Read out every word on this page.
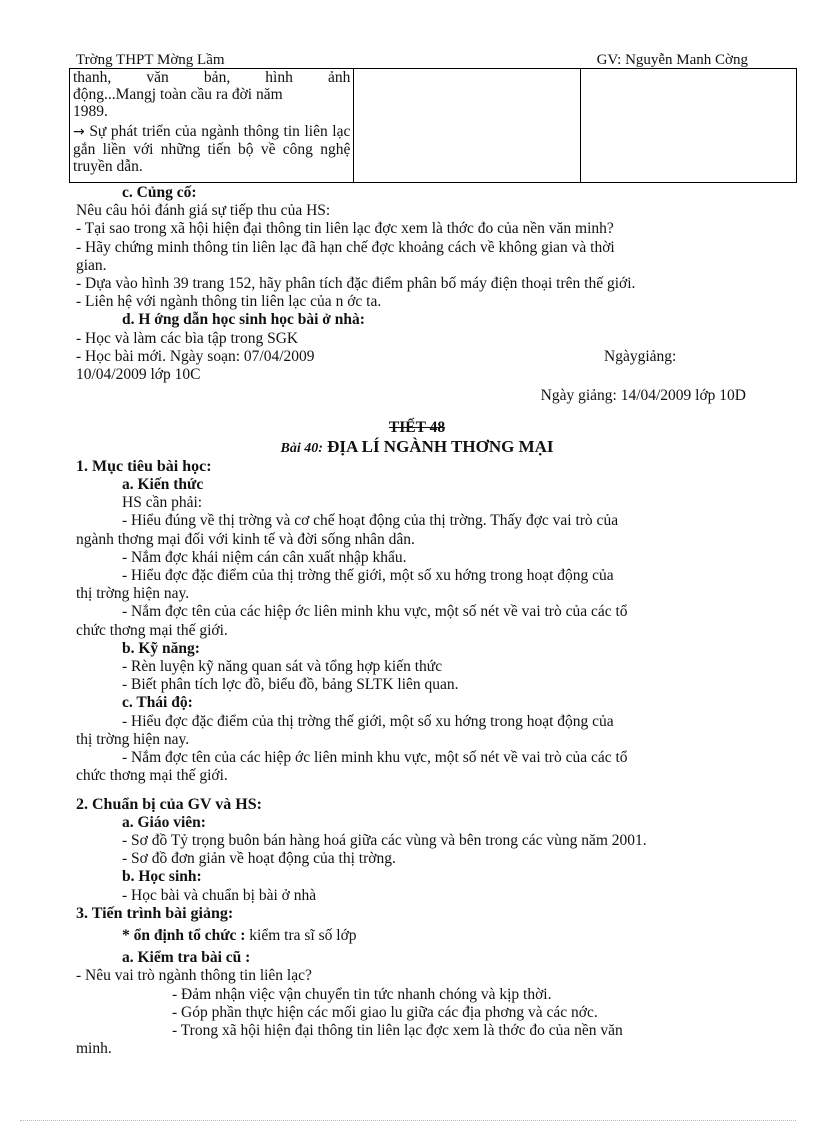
Trờng THPT Mờng Lầm	GV: Nguyễn Manh Cờng
thanh, văn bản, hình ảnh
động...Mangj toàn cầu ra đời năm
1989.
→ Sự phát triển của ngành thông tin liên lạc gắn liền với những tiến bộ về công nghệ truyền dẫn.

c. Củng cố:
Nêu câu hỏi đánh giá sự tiếp thu của HS:
- Tại sao trong xã hội hiện đại thông tin liên lạc đợc xem là thớc đo của nền văn minh?
- Hãy chứng minh thông tin liên lạc đã hạn chế đợc khoảng cách về không gian và thời
gian.
- Dựa vào hình 39 trang 152, hãy phân tích đặc điểm phân bố máy điện thoại trên thế giới.
- Liên hệ với ngành thông tin liên lạc của n ớc ta.
d. H ớng dẫn học sinh học bài ở nhà:
- Học và làm các bìa tập trong SGK
- Học bài mới. Ngày soạn: 07/04/2009	Ngàygiảng:
10/04/2009 lớp 10C
Ngày giảng: 14/04/2009 lớp 10D
TIẾT 48
Bài 40: ĐỊA LÍ NGÀNH THƠNG MẠI
1. Mục tiêu bài học:
a. Kiến thức
HS cần phải:
- Hiểu đúng về thị trờng và cơ chế hoạt động của thị trờng. Thấy đợc vai trò của
ngành thơng mại đối với kinh tế và đời sống nhân dân.
- Nắm đợc khái niệm cán cân xuất nhập khẩu.
- Hiểu đợc đặc điểm của thị trờng thế giới, một số xu hớng trong hoạt động của
thị trờng hiện nay.
- Nắm đợc tên của các hiệp ớc liên minh khu vực, một số nét về vai trò của các tổ
chức thơng mại thế giới.
b. Kỹ năng:
- Rèn luyện kỹ năng quan sát và tổng hợp kiến thức
- Biết phân tích lợc đồ, biểu đồ, bảng SLTK liên quan.
c. Thái độ:
- Hiểu đợc đặc điểm của thị trờng thế giới, một số xu hớng trong hoạt động của
thị trờng hiện nay.
- Nắm đợc tên của các hiệp ớc liên minh khu vực, một số nét về vai trò của các tổ
chức thơng mại thế giới.
2. Chuẩn bị của GV và HS:
a. Giáo viên:
- Sơ đồ Tỷ trọng buôn bán hàng hoá giữa các vùng và bên trong các vùng năm 2001.
- Sơ đồ đơn giản về hoạt động của thị trờng.
b. Học sinh:
- Học bài và chuẩn bị bài ở nhà
3. Tiến trình bài giảng:
* ổn định tổ chức : kiểm tra sĩ số lớp
a. Kiểm tra bài cũ :
- Nêu vai trò ngành thông tin liên lạc?
- Đảm nhận việc vận chuyển tin tức nhanh chóng và kịp thời.
- Góp phần thực hiện các mối giao lu giữa các địa phơng và các nớc.
- Trong xã hội hiện đại thông tin liên lạc đợc xem là thớc đo của nền văn
minh.
